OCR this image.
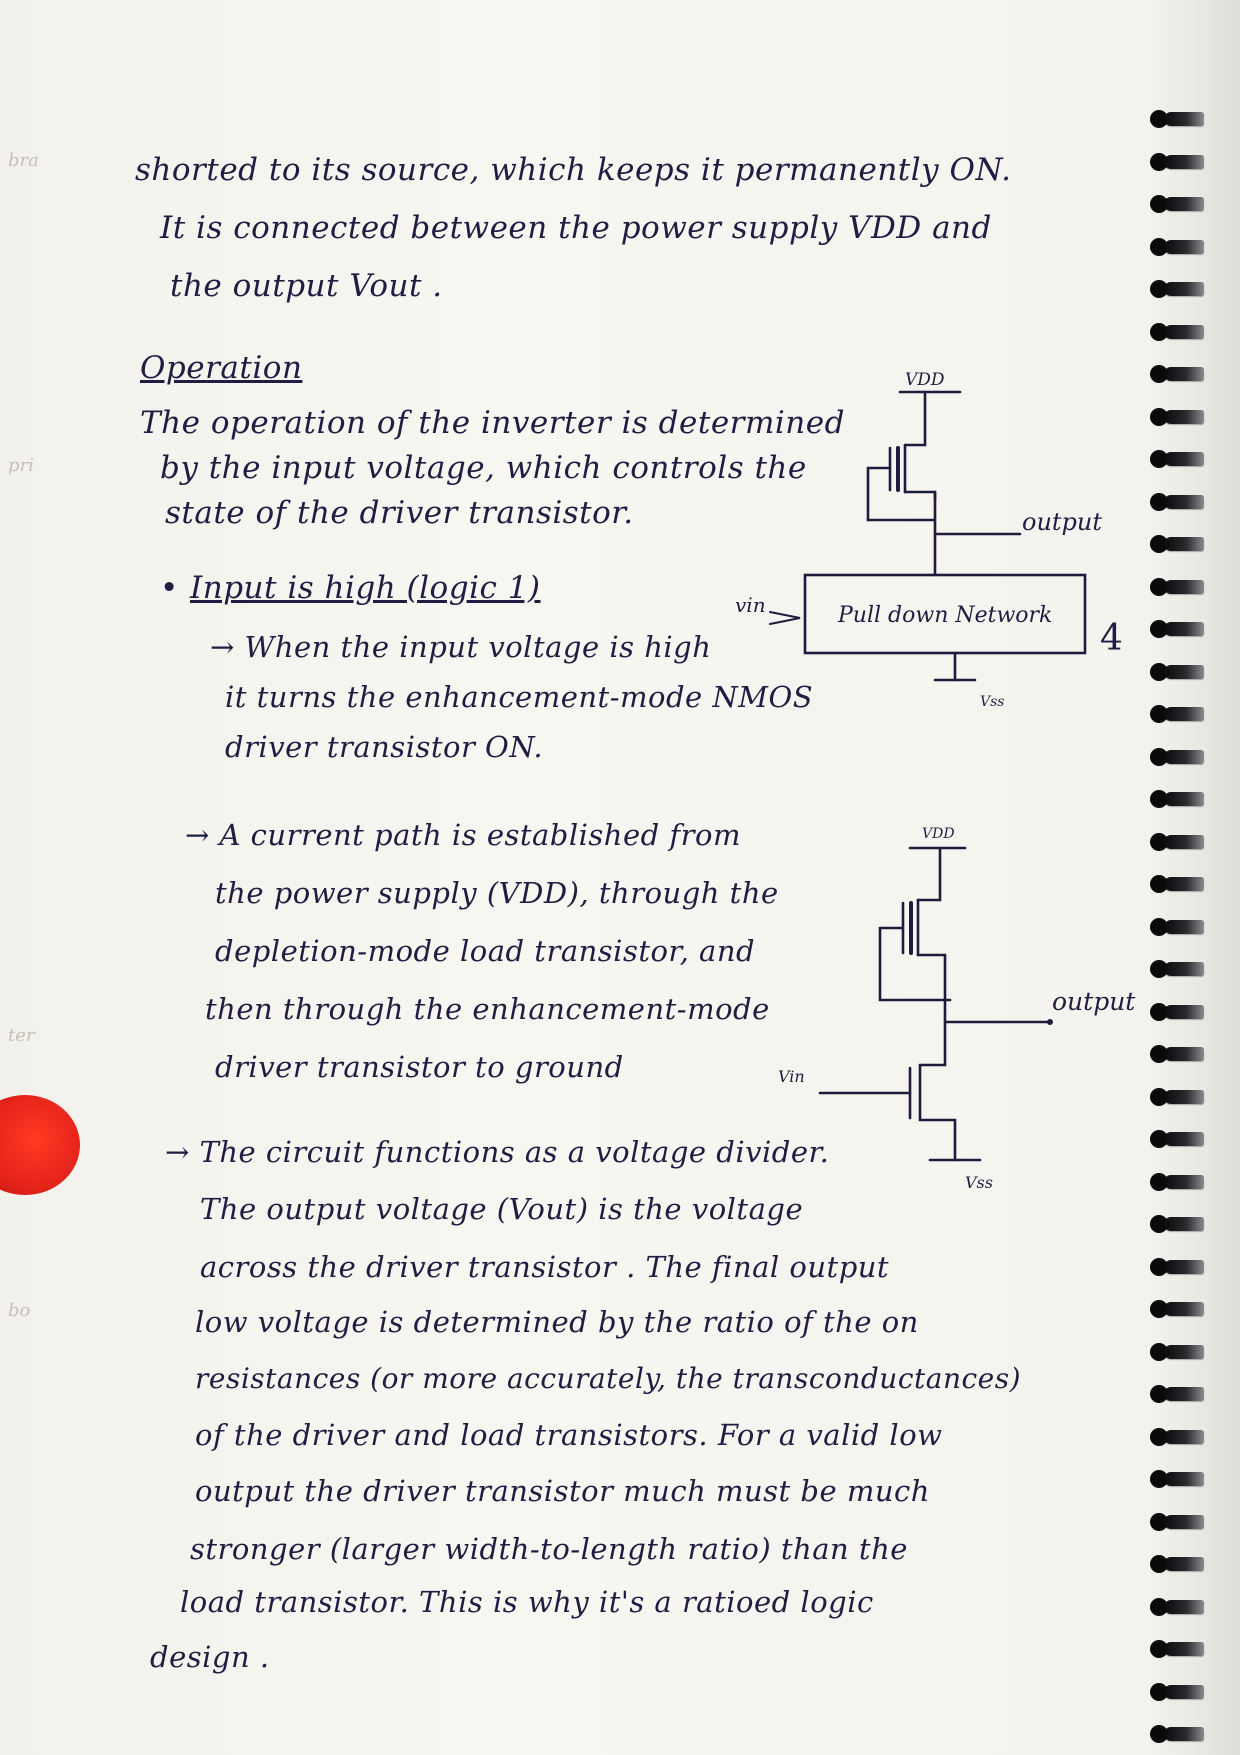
bra
pri
ter
bo
shorted to its source, which keeps it permanently ON.
It is connected between the power supply VDD and
the output Vout .
Operation
The operation of the inverter is determined
by the input voltage, which controls the
state of the driver transistor.
• Input is high (logic 1)
→ When the input voltage is high
it turns the enhancement-mode NMOS
driver transistor ON.
→ A current path is established from
the power supply (VDD), through the
depletion-mode load transistor, and
then through the enhancement-mode
driver transistor to ground
→ The circuit functions as a voltage divider.
The output voltage (Vout) is the voltage
across the driver transistor . The final output
low voltage is determined by the ratio of the on
resistances (or more accurately, the transconductances)
of the driver and load transistors. For a valid low
output the driver transistor much must be much
stronger (larger width-to-length ratio) than the
load transistor. This is why it's a ratioed logic
design .
VDD
output
vin	Pull down Network
Vss
VDD
output
Vin
Vss
4
